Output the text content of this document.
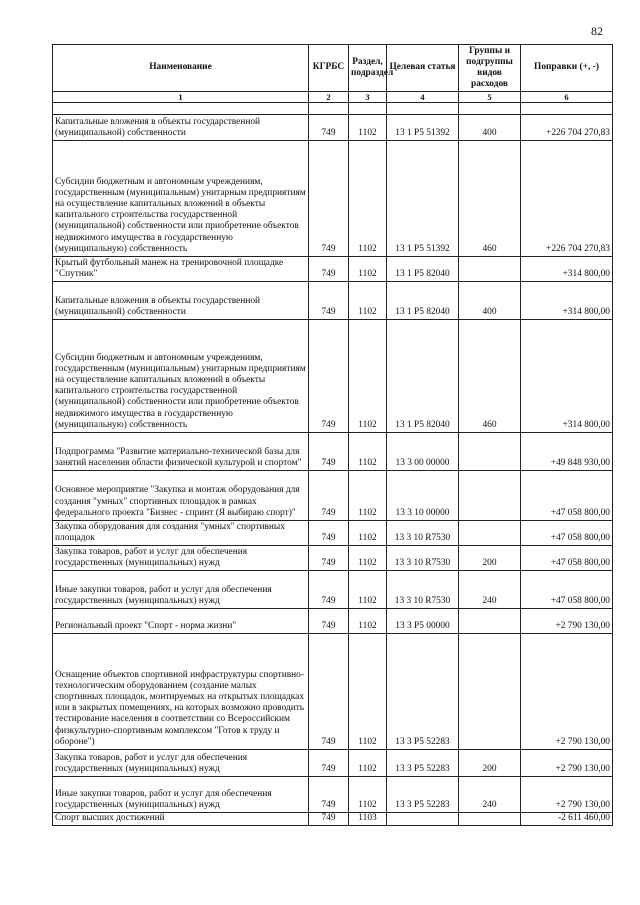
82
Наименование	КГРБС	Раздел, подраздел	Целевая статья	Группы и подгруппы видов расходов	Поправки (+, -)
1	2	3	4	5	6

Капитальные вложения в объекты государственной (муниципальной) собственности	749	1102	13 1 P5 51392	400	+226 704 270,83
Субсидии бюджетным и автономным учреждениям, государственным (муниципальным) унитарным предприятиям на осуществление капитальных вложений в объекты капитального строительства государственной (муниципальной) собственности или приобретение объектов недвижимого имущества в государственную (муниципальную) собственность	749	1102	13 1 P5 51392	460	+226 704 270,83
Крытый футбольный манеж на тренировочной площадке "Спутник"	749	1102	13 1 P5 82040		+314 800,00
Капитальные вложения в объекты государственной (муниципальной) собственности	749	1102	13 1 P5 82040	400	+314 800,00
Субсидии бюджетным и автономным учреждениям, государственным (муниципальным) унитарным предприятиям на осуществление капитальных вложений в объекты капитального строительства государственной (муниципальной) собственности или приобретение объектов недвижимого имущества в государственную (муниципальную) собственность	749	1102	13 1 P5 82040	460	+314 800,00
Подпрограмма "Развитие материально-технической базы для занятий населения области физической культурой и спортом"	749	1102	13 3 00 00000		+49 848 930,00
Основное мероприятие "Закупка и монтаж оборудования для создания "умных" спортивных площадок в рамках федерального проекта "Бизнес - спринт (Я выбираю спорт)"	749	1102	13 3 10 00000		+47 058 800,00
Закупка оборудования для создания "умных" спортивных площадок	749	1102	13 3 10 R7530		+47 058 800,00
Закупка товаров, работ и услуг для обеспечения государственных (муниципальных) нужд	749	1102	13 3 10 R7530	200	+47 058 800,00
Иные закупки товаров, работ и услуг для обеспечения государственных (муниципальных) нужд	749	1102	13 3 10 R7530	240	+47 058 800,00
Региональный проект "Спорт - норма жизни"	749	1102	13 3 P5 00000		+2 790 130,00
Оснащение объектов спортивной инфраструктуры спортивно-технологическим оборудованием (создание малых спортивных площадок, монтируемых на открытых площадках или в закрытых помещениях, на которых возможно проводить тестирование населения в соответствии со Всероссийским физкультурно-спортивным комплексом "Готов к труду и обороне")	749	1102	13 3 P5 52283		+2 790 130,00
Закупка товаров, работ и услуг для обеспечения государственных (муниципальных) нужд	749	1102	13 3 P5 52283	200	+2 790 130,00
Иные закупки товаров, работ и услуг для обеспечения государственных (муниципальных) нужд	749	1102	13 3 P5 52283	240	+2 790 130,00
Спорт высших достижений	749	1103			-2 611 460,00
